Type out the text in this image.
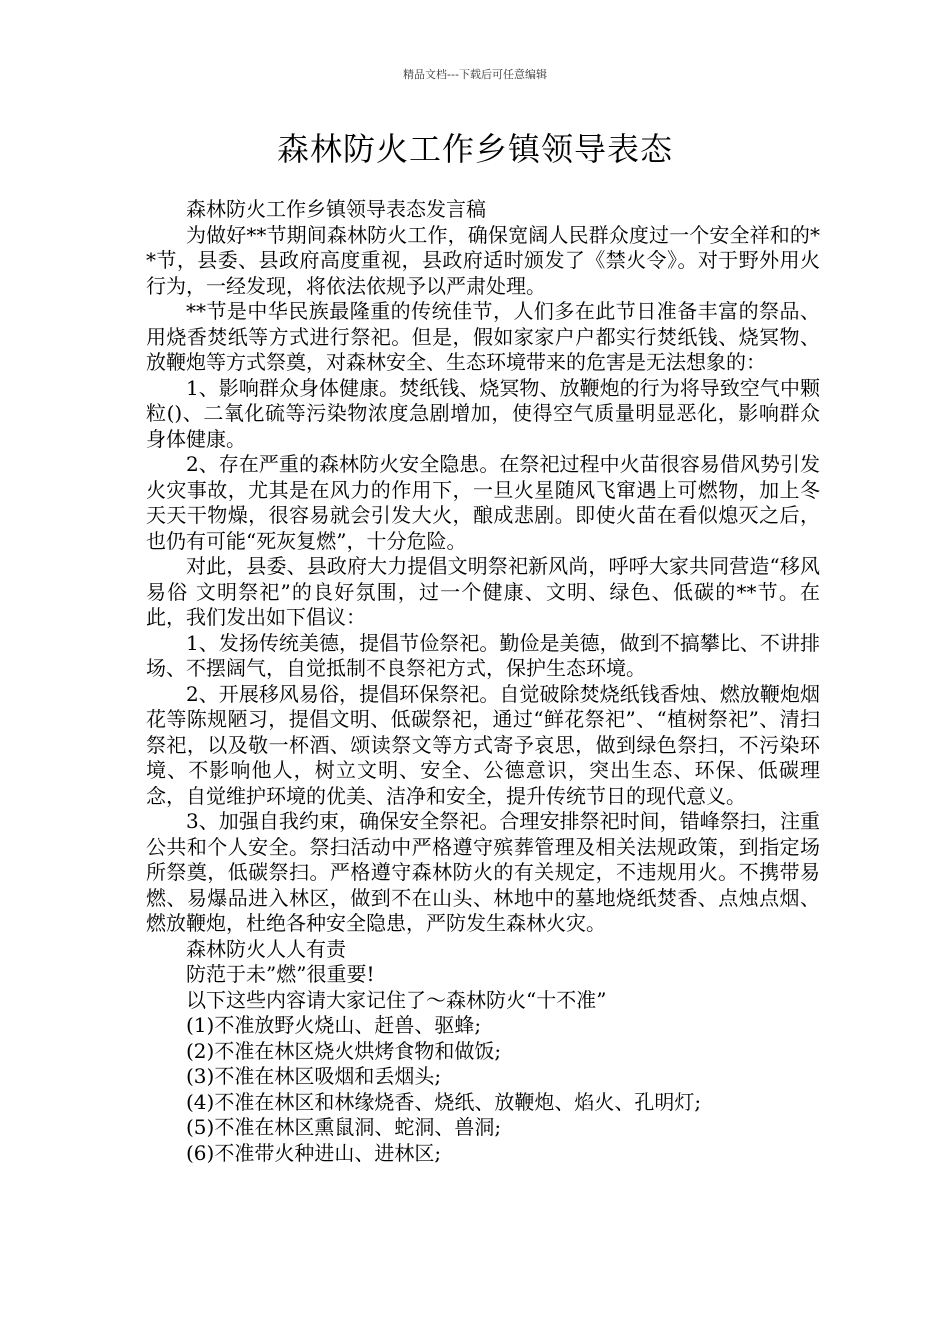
精品文档---下载后可任意编辑
森林防火工作乡镇领导表态

森林防火工作乡镇领导表态发言稿

为做好**节期间森林防火工作，确保宽阔人民群众度过一个安全祥和的**节，县委、县政府高度重视，县政府适时颁发了《禁火令》。对于野外用火行为，一经发现，将依法依规予以严肃处理。

**节是中华民族最隆重的传统佳节，人们多在此节日准备丰富的祭品、用烧香焚纸等方式进行祭祀。但是，假如家家户户都实行焚纸钱、烧冥物、放鞭炮等方式祭奠，对森林安全、生态环境带来的危害是无法想象的：

1、影响群众身体健康。焚纸钱、烧冥物、放鞭炮的行为将导致空气中颗粒()、二氧化硫等污染物浓度急剧增加，使得空气质量明显恶化，影响群众身体健康。

2、存在严重的森林防火安全隐患。在祭祀过程中火苗很容易借风势引发火灾事故，尤其是在风力的作用下，一旦火星随风飞窜遇上可燃物，加上冬天天干物燥，很容易就会引发大火，酿成悲剧。即使火苗在看似熄灭之后，也仍有可能“死灰复燃”，十分危险。

对此，县委、县政府大力提倡文明祭祀新风尚，呼呼大家共同营造“移风易俗 文明祭祀”的良好氛围，过一个健康、文明、绿色、低碳的**节。在此，我们发出如下倡议：

1、发扬传统美德，提倡节俭祭祀。勤俭是美德，做到不搞攀比、不讲排场、不摆阔气，自觉抵制不良祭祀方式，保护生态环境。

2、开展移风易俗，提倡环保祭祀。自觉破除焚烧纸钱香烛、燃放鞭炮烟花等陈规陋习，提倡文明、低碳祭祀，通过“鲜花祭祀”、“植树祭祀”、清扫祭祀，以及敬一杯酒、颂读祭文等方式寄予哀思，做到绿色祭扫，不污染环境、不影响他人，树立文明、安全、公德意识，突出生态、环保、低碳理念，自觉维护环境的优美、洁净和安全，提升传统节日的现代意义。

3、加强自我约束，确保安全祭祀。合理安排祭祀时间，错峰祭扫，注重公共和个人安全。祭扫活动中严格遵守殡葬管理及相关法规政策，到指定场所祭奠，低碳祭扫。严格遵守森林防火的有关规定，不违规用火。不携带易燃、易爆品进入林区，做到不在山头、林地中的墓地烧纸焚香、点烛点烟、燃放鞭炮，杜绝各种安全隐患，严防发生森林火灾。

森林防火人人有责

防范于未”燃”很重要!

以下这些内容请大家记住了～森林防火“十不准”

(1)不准放野火烧山、赶兽、驱蜂;

(2)不准在林区烧火烘烤食物和做饭;

(3)不准在林区吸烟和丢烟头;

(4)不准在林区和林缘烧香、烧纸、放鞭炮、焰火、孔明灯;

(5)不准在林区熏鼠洞、蛇洞、兽洞;

(6)不准带火种进山、进林区;
